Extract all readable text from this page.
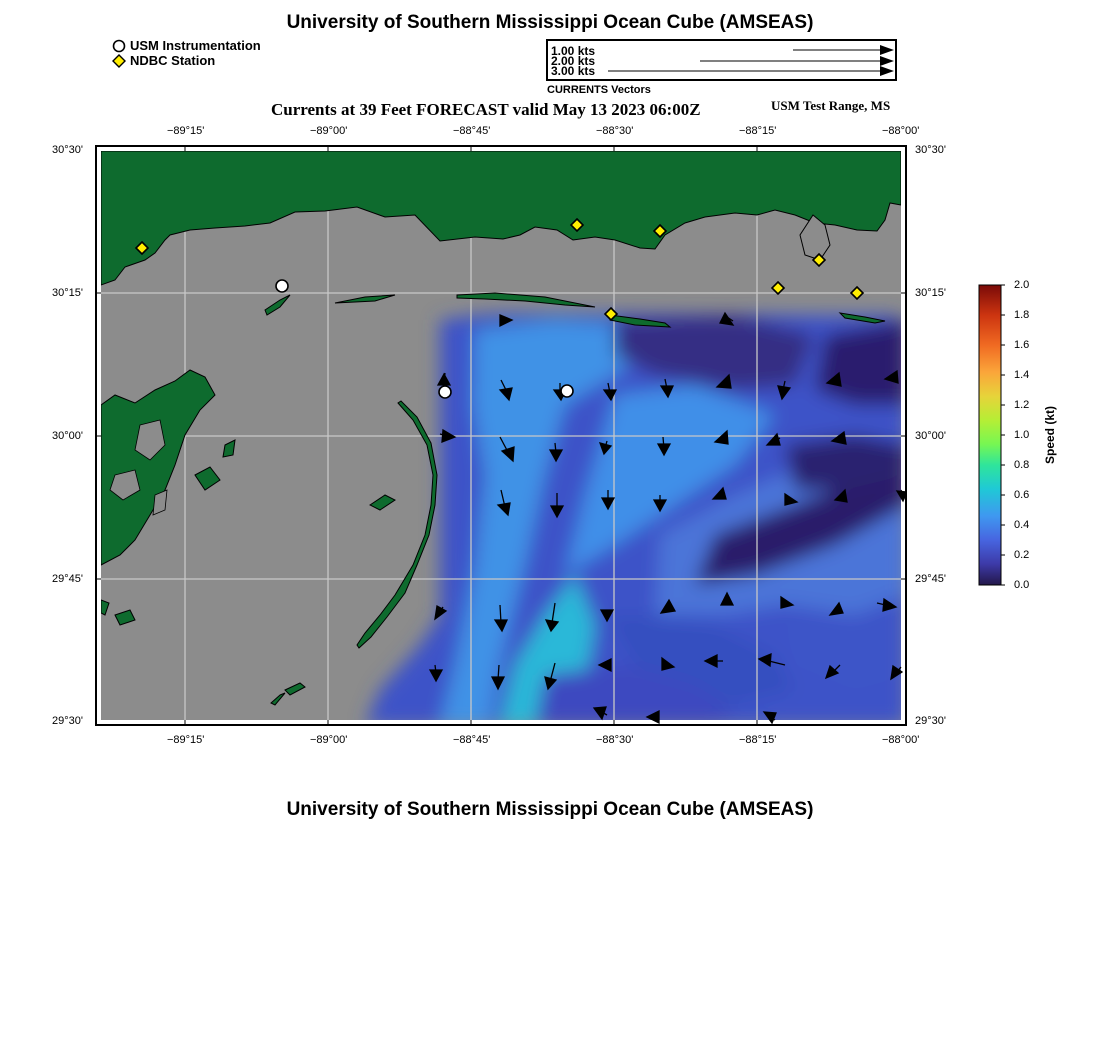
University of Southern Mississippi Ocean Cube (AMSEAS)
USM Instrumentation
NDBC Station
1.00 kts
2.00 kts
3.00 kts
CURRENTS Vectors
Currents at 39 Feet FORECAST valid May 13 2023 06:00Z	USM Test Range, MS
−89°15'	−89°00'	−88°45'	−88°30'	−88°15'	−88°00'
−89°15'	−89°00'	−88°45'	−88°30'	−88°15'	−88°00'
30°30'
30°15'
30°00'
29°45'
29°30'
30°30'
30°15'
30°00'
29°45'
29°30'
2.0
1.8
1.6
1.4
1.2
1.0
0.8
0.6
0.4
0.2
0.0
Speed (kt)
University of Southern Mississippi Ocean Cube (AMSEAS)
